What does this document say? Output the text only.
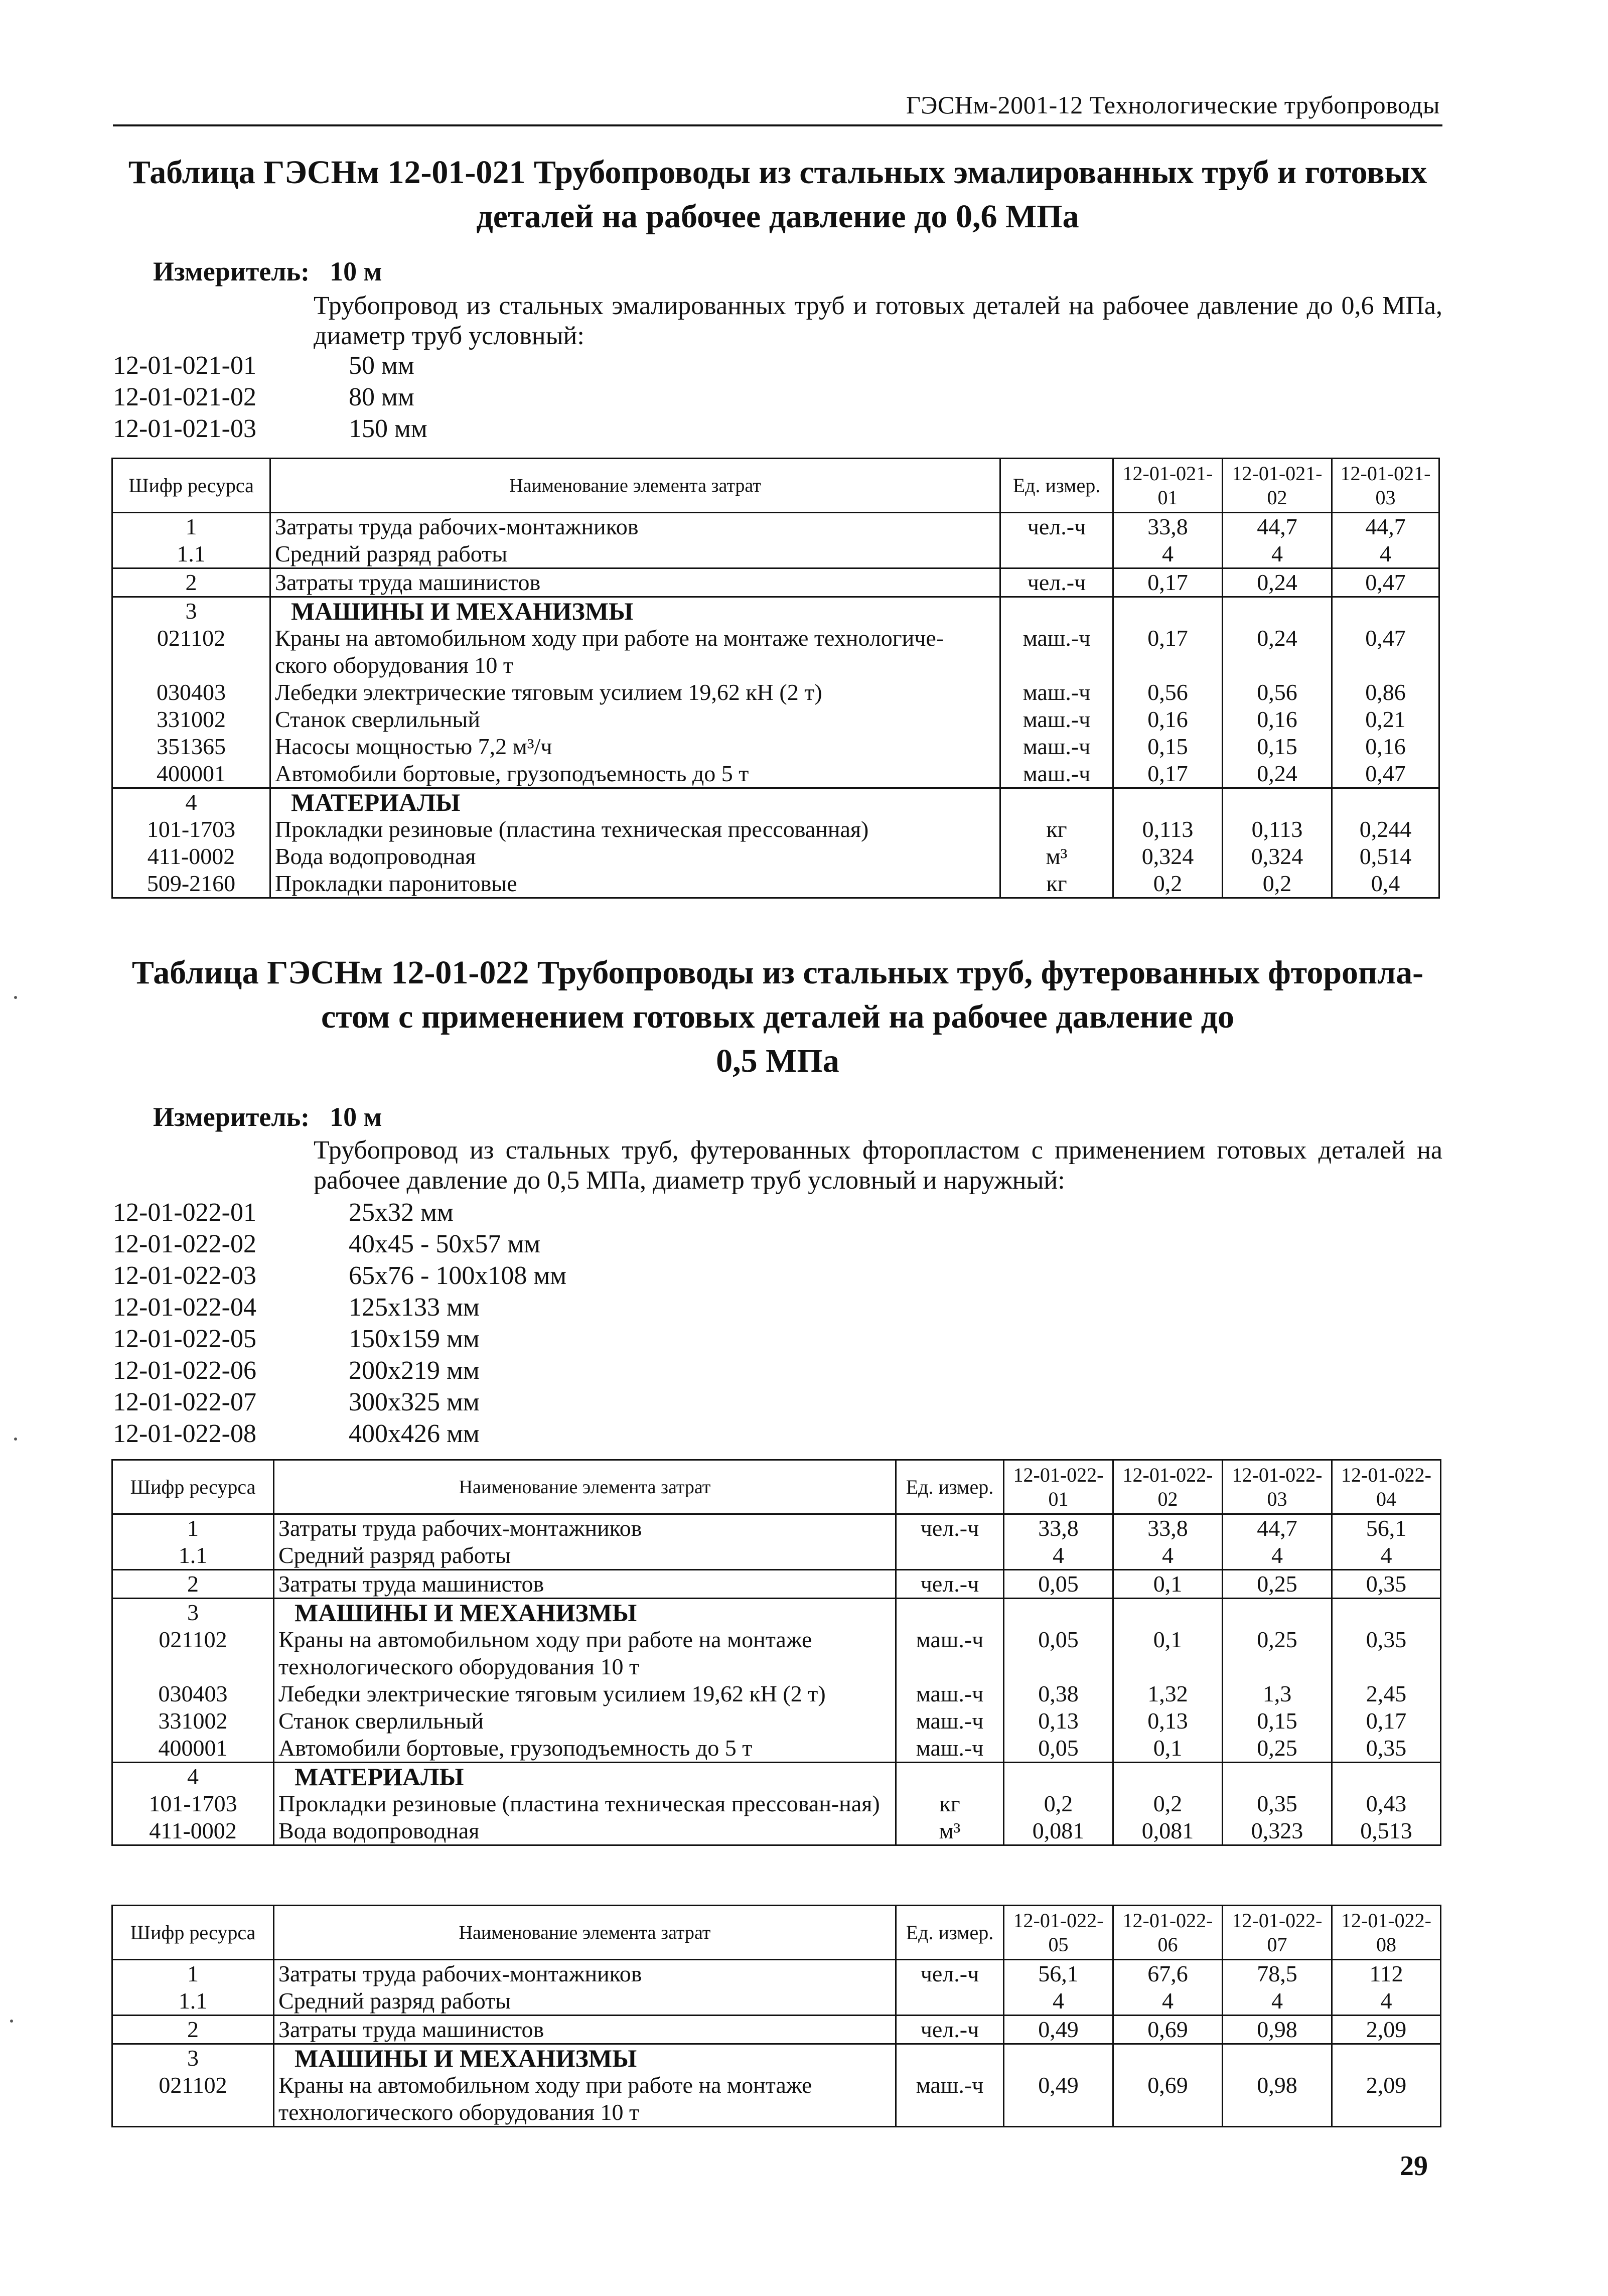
ГЭСНм-2001-12 Технологические трубопроводы
Таблица ГЭСНм 12-01-021 Трубопроводы из стальных эмалированных труб и готовых
деталей на рабочее давление до 0,6 МПа
Измеритель: 10 м
Трубопровод из стальных эмалированных труб и готовых деталей на рабочее давление до 0,6 МПа, диаметр труб условный:
12-01-021-01	50 мм
12-01-021-02	80 мм
12-01-021-03	150 мм
Шифр ресурса	Наименование элемента затрат	Ед. измер.	12-01-021-01	12-01-021-02	12-01-021-03
1	Затраты труда рабочих-монтажников	чел.-ч	33,8	44,7	44,7
1.1	Средний разряд работы		4	4	4
2	Затраты труда машинистов	чел.-ч	0,17	0,24	0,47
3	МАШИНЫ И МЕХАНИЗМЫ				
021102	Краны на автомобильном ходу при работе на монтаже технологиче-ского оборудования 10 т	маш.-ч	0,17	0,24	0,47
030403	Лебедки электрические тяговым усилием 19,62 кН (2 т)	маш.-ч	0,56	0,56	0,86
331002	Станок сверлильный	маш.-ч	0,16	0,16	0,21
351365	Насосы мощностью 7,2 м³/ч	маш.-ч	0,15	0,15	0,16
400001	Автомобили бортовые, грузоподъемность до 5 т	маш.-ч	0,17	0,24	0,47
4	МАТЕРИАЛЫ				
101-1703	Прокладки резиновые (пластина техническая прессованная)	кг	0,113	0,113	0,244
411-0002	Вода водопроводная	м³	0,324	0,324	0,514
509-2160	Прокладки паронитовые	кг	0,2	0,2	0,4
Таблица ГЭСНм 12-01-022 Трубопроводы из стальных труб, футерованных фторопла-
стом с применением готовых деталей на рабочее давление до
0,5 МПа
Измеритель: 10 м
Трубопровод из стальных труб, футерованных фторопластом с применением готовых деталей на рабочее давление до 0,5 МПа, диаметр труб условный и наружный:
12-01-022-01	25x32 мм
12-01-022-02	40x45 - 50x57 мм
12-01-022-03	65x76 - 100x108 мм
12-01-022-04	125x133 мм
12-01-022-05	150x159 мм
12-01-022-06	200x219 мм
12-01-022-07	300x325 мм
12-01-022-08	400x426 мм
Шифр ресурса	Наименование элемента затрат	Ед. измер.	12-01-022-01	12-01-022-02	12-01-022-03	12-01-022-04
1	Затраты труда рабочих-монтажников	чел.-ч	33,8	33,8	44,7	56,1
1.1	Средний разряд работы		4	4	4	4
2	Затраты труда машинистов	чел.-ч	0,05	0,1	0,25	0,35
3	МАШИНЫ И МЕХАНИЗМЫ					
021102	Краны на автомобильном ходу при работе на монтаже технологического оборудования 10 т	маш.-ч	0,05	0,1	0,25	0,35
030403	Лебедки электрические тяговым усилием 19,62 кН (2 т)	маш.-ч	0,38	1,32	1,3	2,45
331002	Станок сверлильный	маш.-ч	0,13	0,13	0,15	0,17
400001	Автомобили бортовые, грузоподъемность до 5 т	маш.-ч	0,05	0,1	0,25	0,35
4	МАТЕРИАЛЫ					
101-1703	Прокладки резиновые (пластина техническая прессован-ная)	кг	0,2	0,2	0,35	0,43
411-0002	Вода водопроводная	м³	0,081	0,081	0,323	0,513
Шифр ресурса	Наименование элемента затрат	Ед. измер.	12-01-022-05	12-01-022-06	12-01-022-07	12-01-022-08
1	Затраты труда рабочих-монтажников	чел.-ч	56,1	67,6	78,5	112
1.1	Средний разряд работы		4	4	4	4
2	Затраты труда машинистов	чел.-ч	0,49	0,69	0,98	2,09
3	МАШИНЫ И МЕХАНИЗМЫ					
021102	Краны на автомобильном ходу при работе на монтаже технологического оборудования 10 т	маш.-ч	0,49	0,69	0,98	2,09
29
